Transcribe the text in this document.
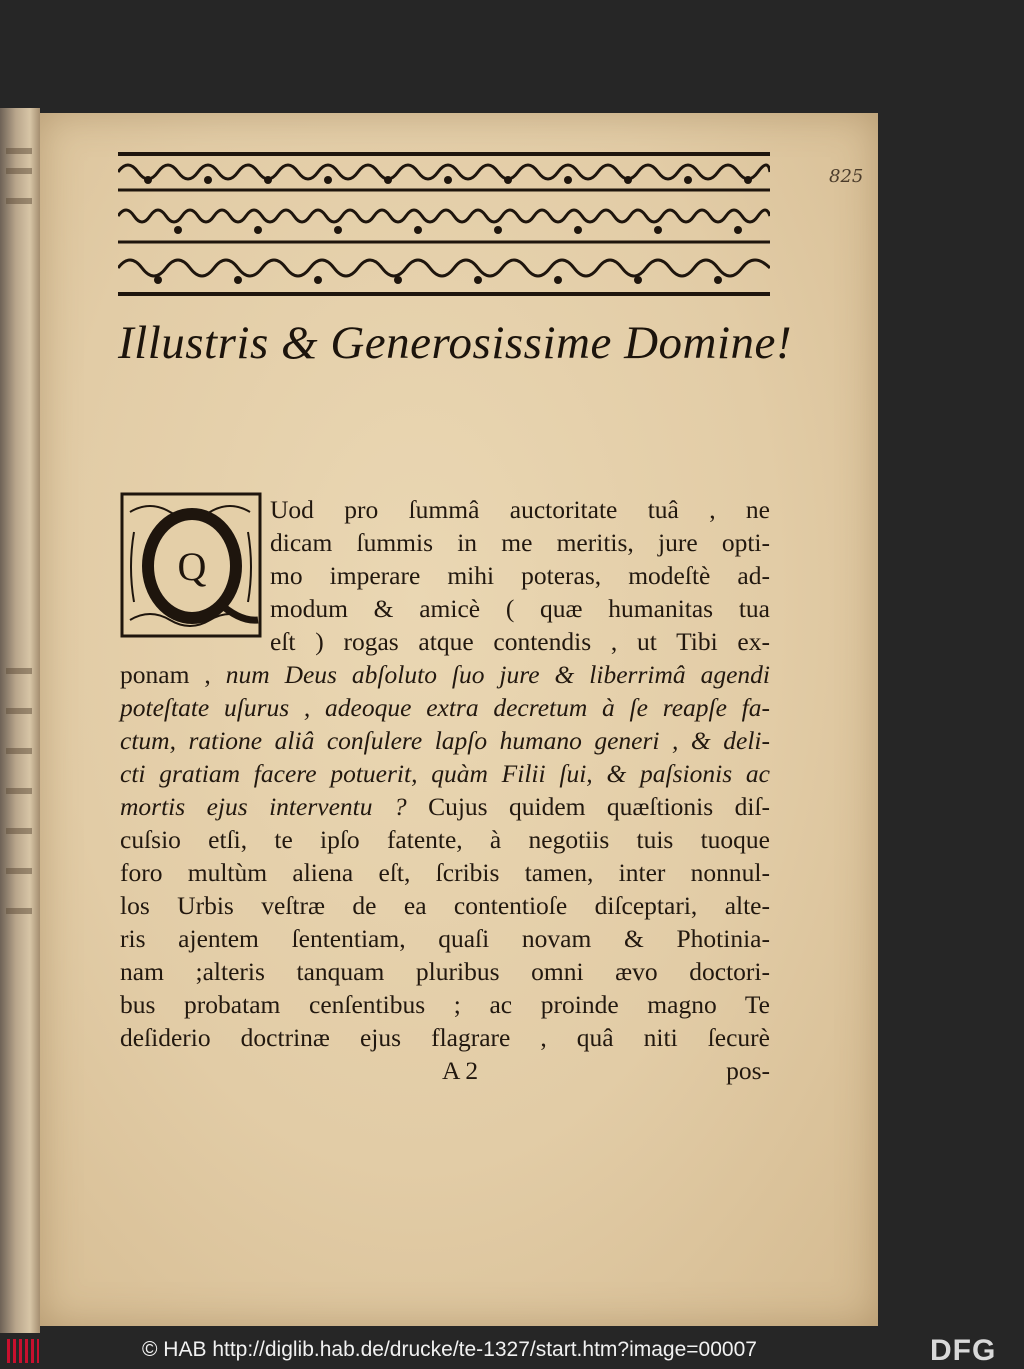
825
Illustris & Generosissime Domine!
Q
Uod pro ſummâ auctoritate tuâ , ne
dicam ſummis in me meritis, jure opti-
mo imperare mihi poteras, modeſtè ad-
modum & amicè ( quæ humanitas tua
eſt ) rogas atque contendis , ut Tibi ex-
ponam , num Deus abſoluto ſuo jure & liberrimâ agendi
poteſtate uſurus , adeoque extra decretum à ſe reapſe fa-
ctum, ratione aliâ conſulere lapſo humano generi , & deli-
cti gratiam facere potuerit, quàm Filii ſui, & paſsionis ac
mortis ejus interventu ? Cujus quidem quæſtionis diſ-
cuſsio etſi, te ipſo fatente, à negotiis tuis tuoque
foro multùm aliena eſt, ſcribis tamen, inter nonnul-
los Urbis veſtræ de ea contentioſe diſceptari, alte-
ris ajentem ſententiam, quaſi novam & Photinia-
nam ;alteris tanquam pluribus omni ævo doctori-
bus probatam cenſentibus ; ac proinde magno Te
deſiderio doctrinæ ejus flagrare , quâ niti ſecurè
A 2	pos-
© HAB http://diglib.hab.de/drucke/te-1327/start.htm?image=00007	DFG
